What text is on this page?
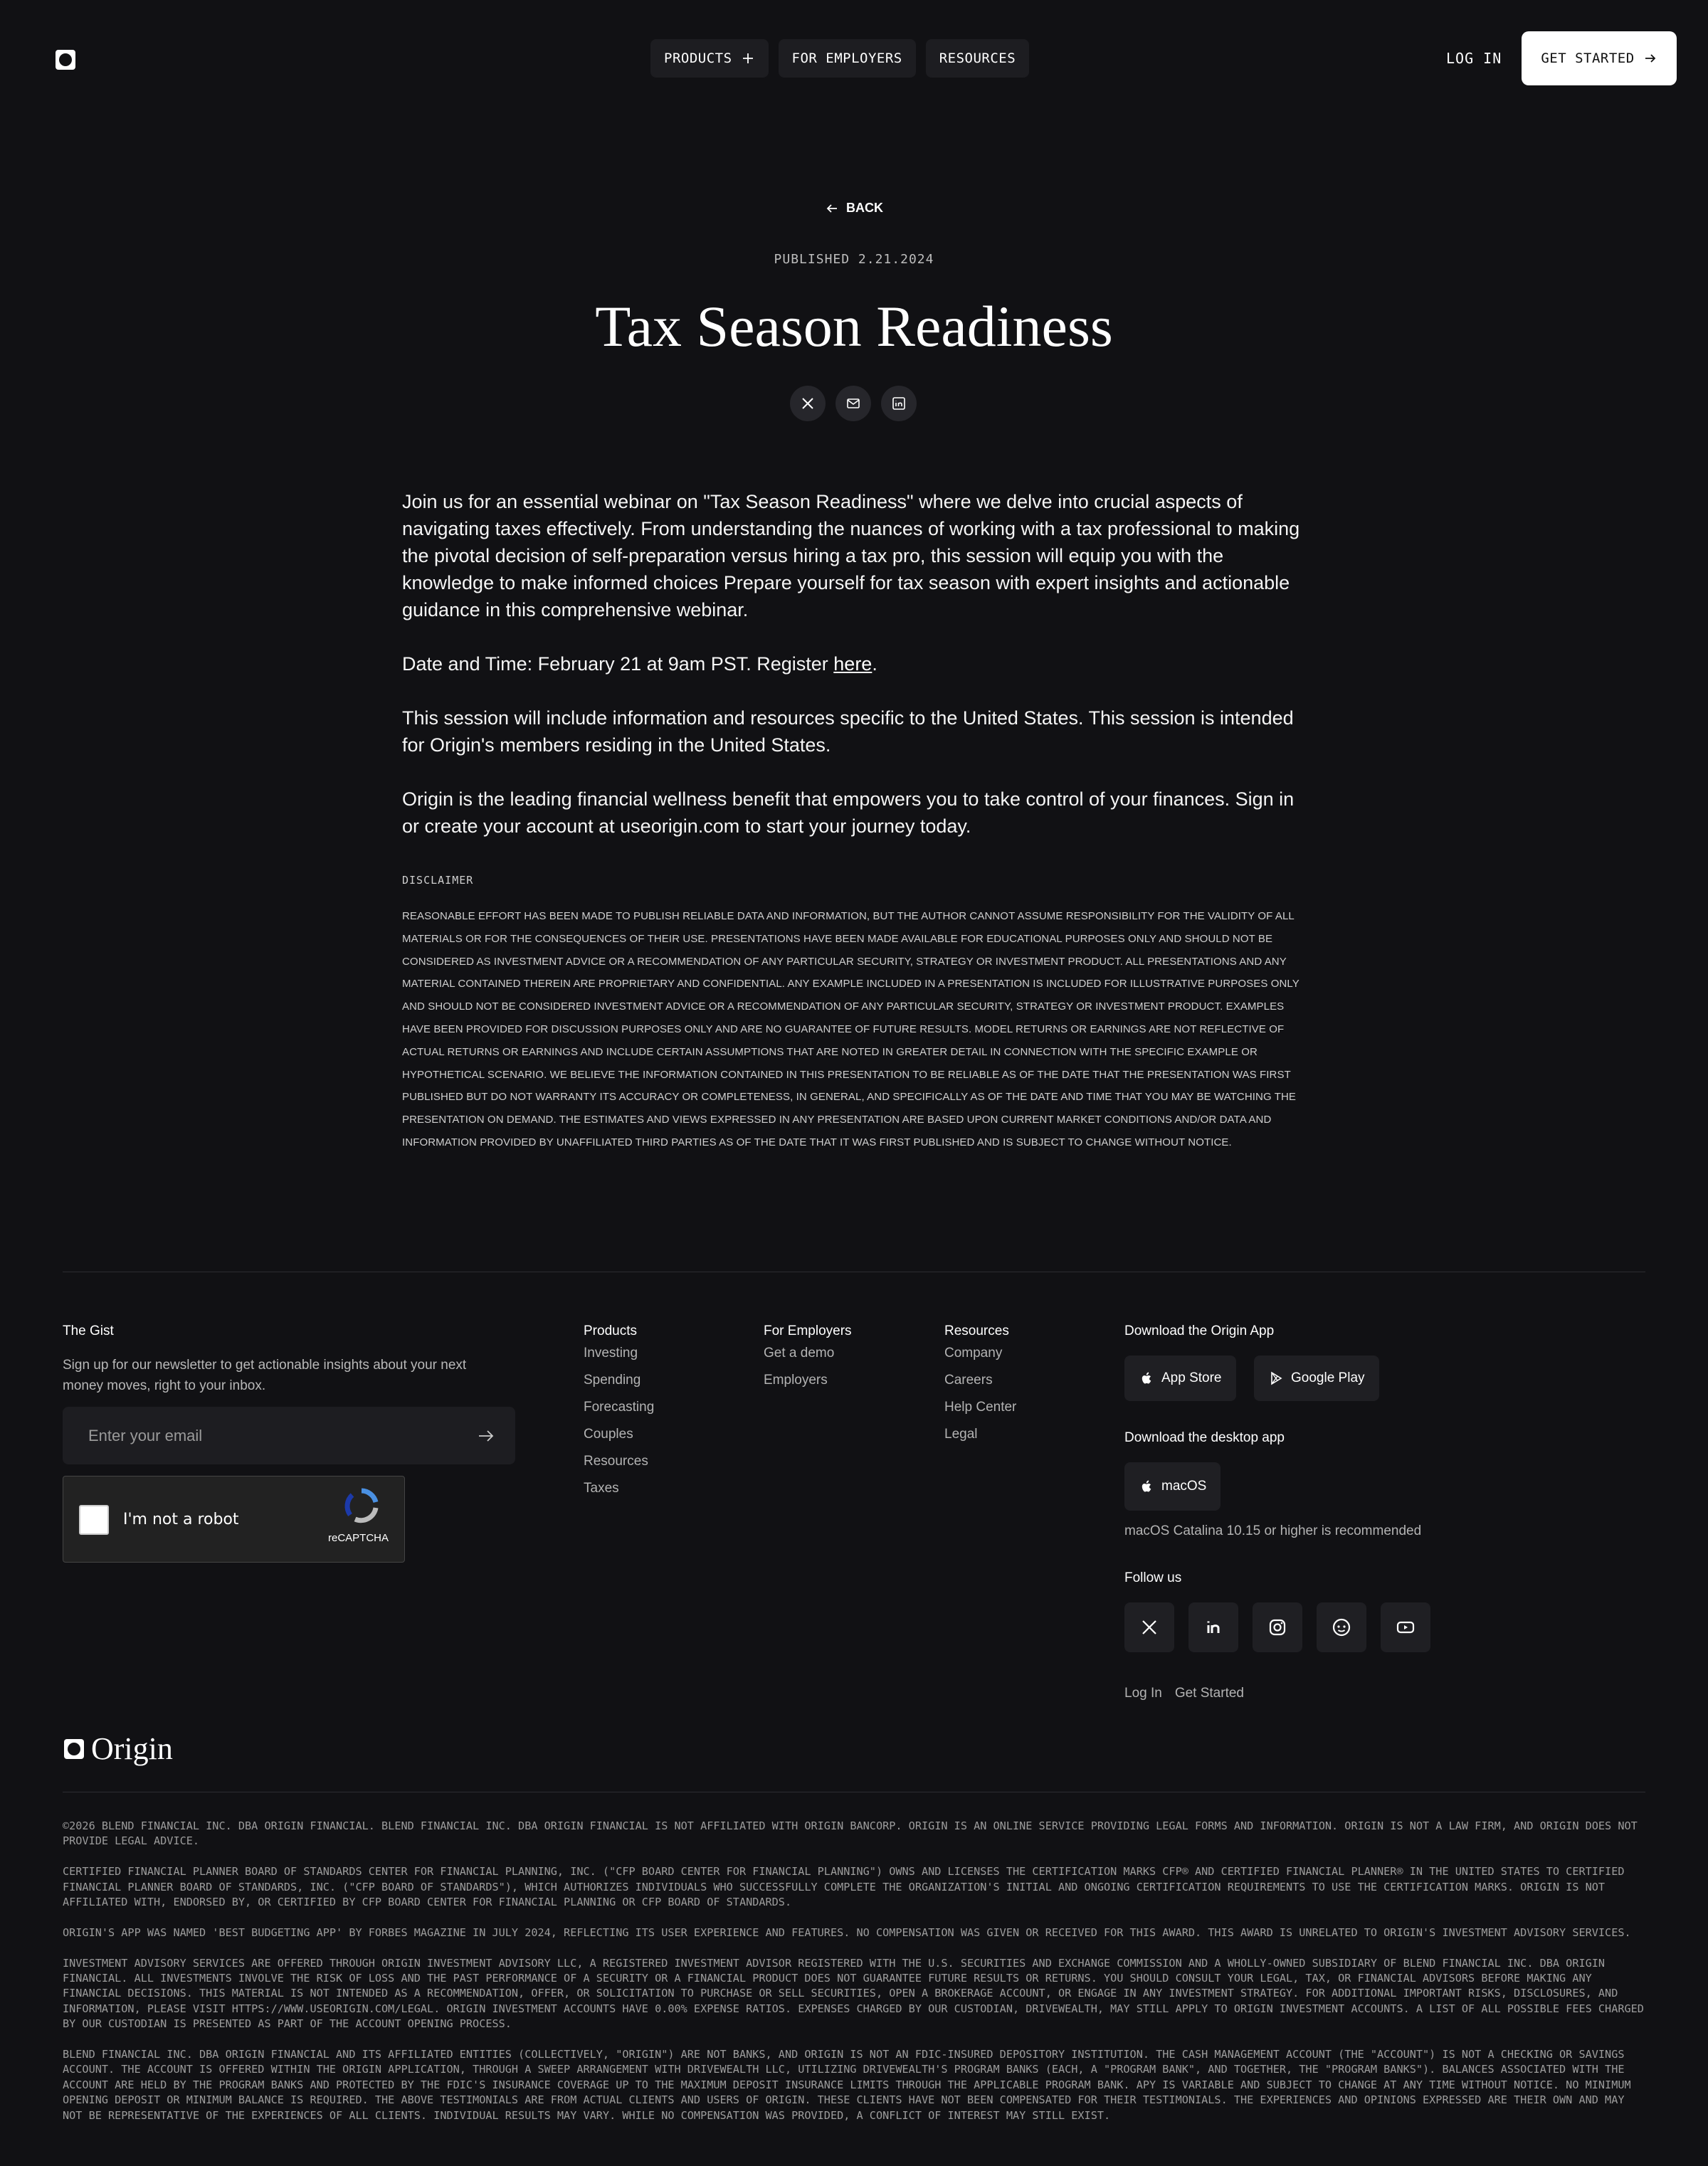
PRODUCTS	FOR EMPLOYERS	RESOURCES	LOG IN	GET STARTED
BACK
PUBLISHED 2.21.2024
Tax Season Readiness

Join us for an essential webinar on "Tax Season Readiness" where we delve into crucial aspects of navigating taxes effectively. From understanding the nuances of working with a tax professional to making the pivotal decision of self-preparation versus hiring a tax pro, this session will equip you with the knowledge to make informed choices Prepare yourself for tax season with expert insights and actionable guidance in this comprehensive webinar.

Date and Time: February 21 at 9am PST. Register here.

This session will include information and resources specific to the United States. This session is intended for Origin's members residing in the United States.

Origin is the leading financial wellness benefit that empowers you to take control of your finances. Sign in or create your account at useorigin.com to start your journey today.

DISCLAIMER
REASONABLE EFFORT HAS BEEN MADE TO PUBLISH RELIABLE DATA AND INFORMATION, BUT THE AUTHOR CANNOT ASSUME RESPONSIBILITY FOR THE VALIDITY OF ALL MATERIALS OR FOR THE CONSEQUENCES OF THEIR USE. PRESENTATIONS HAVE BEEN MADE AVAILABLE FOR EDUCATIONAL PURPOSES ONLY AND SHOULD NOT BE CONSIDERED AS INVESTMENT ADVICE OR A RECOMMENDATION OF ANY PARTICULAR SECURITY, STRATEGY OR INVESTMENT PRODUCT. ALL PRESENTATIONS AND ANY MATERIAL CONTAINED THEREIN ARE PROPRIETARY AND CONFIDENTIAL. ANY EXAMPLE INCLUDED IN A PRESENTATION IS INCLUDED FOR ILLUSTRATIVE PURPOSES ONLY AND SHOULD NOT BE CONSIDERED INVESTMENT ADVICE OR A RECOMMENDATION OF ANY PARTICULAR SECURITY, STRATEGY OR INVESTMENT PRODUCT. EXAMPLES HAVE BEEN PROVIDED FOR DISCUSSION PURPOSES ONLY AND ARE NO GUARANTEE OF FUTURE RESULTS. MODEL RETURNS OR EARNINGS ARE NOT REFLECTIVE OF ACTUAL RETURNS OR EARNINGS AND INCLUDE CERTAIN ASSUMPTIONS THAT ARE NOTED IN GREATER DETAIL IN CONNECTION WITH THE SPECIFIC EXAMPLE OR HYPOTHETICAL SCENARIO. WE BELIEVE THE INFORMATION CONTAINED IN THIS PRESENTATION TO BE RELIABLE AS OF THE DATE THAT THE PRESENTATION WAS FIRST PUBLISHED BUT DO NOT WARRANTY ITS ACCURACY OR COMPLETENESS, IN GENERAL, AND SPECIFICALLY AS OF THE DATE AND TIME THAT YOU MAY BE WATCHING THE PRESENTATION ON DEMAND. THE ESTIMATES AND VIEWS EXPRESSED IN ANY PRESENTATION ARE BASED UPON CURRENT MARKET CONDITIONS AND/OR DATA AND INFORMATION PROVIDED BY UNAFFILIATED THIRD PARTIES AS OF THE DATE THAT IT WAS FIRST PUBLISHED AND IS SUBJECT TO CHANGE WITHOUT NOTICE.
The Gist
Sign up for our newsletter to get actionable insights about your next money moves, right to your inbox.
Enter your email
I'm not a robot
reCAPTCHA
Products
Investing
Spending
Forecasting
Couples
Resources
Taxes
For Employers
Get a demo
Employers
Resources
Company
Careers
Help Center
Legal
Download the Origin App
App Store	Google Play
Download the desktop app
macOS
macOS Catalina 10.15 or higher is recommended
Follow us
Log In Get Started
Origin

©2026 BLEND FINANCIAL INC. DBA ORIGIN FINANCIAL. BLEND FINANCIAL INC. DBA ORIGIN FINANCIAL IS NOT AFFILIATED WITH ORIGIN BANCORP. ORIGIN IS AN ONLINE SERVICE PROVIDING LEGAL FORMS AND INFORMATION. ORIGIN IS NOT A LAW FIRM, AND ORIGIN DOES NOT PROVIDE LEGAL ADVICE.

CERTIFIED FINANCIAL PLANNER BOARD OF STANDARDS CENTER FOR FINANCIAL PLANNING, INC. ("CFP BOARD CENTER FOR FINANCIAL PLANNING") OWNS AND LICENSES THE CERTIFICATION MARKS CFP® AND CERTIFIED FINANCIAL PLANNER® IN THE UNITED STATES TO CERTIFIED FINANCIAL PLANNER BOARD OF STANDARDS, INC. ("CFP BOARD OF STANDARDS"), WHICH AUTHORIZES INDIVIDUALS WHO SUCCESSFULLY COMPLETE THE ORGANIZATION'S INITIAL AND ONGOING CERTIFICATION REQUIREMENTS TO USE THE CERTIFICATION MARKS. ORIGIN IS NOT AFFILIATED WITH, ENDORSED BY, OR CERTIFIED BY CFP BOARD CENTER FOR FINANCIAL PLANNING OR CFP BOARD OF STANDARDS.

ORIGIN'S APP WAS NAMED 'BEST BUDGETING APP' BY FORBES MAGAZINE IN JULY 2024, REFLECTING ITS USER EXPERIENCE AND FEATURES. NO COMPENSATION WAS GIVEN OR RECEIVED FOR THIS AWARD. THIS AWARD IS UNRELATED TO ORIGIN'S INVESTMENT ADVISORY SERVICES.

INVESTMENT ADVISORY SERVICES ARE OFFERED THROUGH ORIGIN INVESTMENT ADVISORY LLC, A REGISTERED INVESTMENT ADVISOR REGISTERED WITH THE U.S. SECURITIES AND EXCHANGE COMMISSION AND A WHOLLY-OWNED SUBSIDIARY OF BLEND FINANCIAL INC. DBA ORIGIN FINANCIAL. ALL INVESTMENTS INVOLVE THE RISK OF LOSS AND THE PAST PERFORMANCE OF A SECURITY OR A FINANCIAL PRODUCT DOES NOT GUARANTEE FUTURE RESULTS OR RETURNS. YOU SHOULD CONSULT YOUR LEGAL, TAX, OR FINANCIAL ADVISORS BEFORE MAKING ANY FINANCIAL DECISIONS. THIS MATERIAL IS NOT INTENDED AS A RECOMMENDATION, OFFER, OR SOLICITATION TO PURCHASE OR SELL SECURITIES, OPEN A BROKERAGE ACCOUNT, OR ENGAGE IN ANY INVESTMENT STRATEGY. FOR ADDITIONAL IMPORTANT RISKS, DISCLOSURES, AND INFORMATION, PLEASE VISIT HTTPS://WWW.USEORIGIN.COM/LEGAL. ORIGIN INVESTMENT ACCOUNTS HAVE 0.00% EXPENSE RATIOS. EXPENSES CHARGED BY OUR CUSTODIAN, DRIVEWEALTH, MAY STILL APPLY TO ORIGIN INVESTMENT ACCOUNTS. A LIST OF ALL POSSIBLE FEES CHARGED BY OUR CUSTODIAN IS PRESENTED AS PART OF THE ACCOUNT OPENING PROCESS.

BLEND FINANCIAL INC. DBA ORIGIN FINANCIAL AND ITS AFFILIATED ENTITIES (COLLECTIVELY, "ORIGIN") ARE NOT BANKS, AND ORIGIN IS NOT AN FDIC-INSURED DEPOSITORY INSTITUTION. THE CASH MANAGEMENT ACCOUNT (THE "ACCOUNT") IS NOT A CHECKING OR SAVINGS ACCOUNT. THE ACCOUNT IS OFFERED WITHIN THE ORIGIN APPLICATION, THROUGH A SWEEP ARRANGEMENT WITH DRIVEWEALTH LLC, UTILIZING DRIVEWEALTH'S PROGRAM BANKS (EACH, A "PROGRAM BANK", AND TOGETHER, THE "PROGRAM BANKS"). BALANCES ASSOCIATED WITH THE ACCOUNT ARE HELD BY THE PROGRAM BANKS AND PROTECTED BY THE FDIC'S INSURANCE COVERAGE UP TO THE MAXIMUM DEPOSIT INSURANCE LIMITS THROUGH THE APPLICABLE PROGRAM BANK. APY IS VARIABLE AND SUBJECT TO CHANGE AT ANY TIME WITHOUT NOTICE. NO MINIMUM OPENING DEPOSIT OR MINIMUM BALANCE IS REQUIRED. THE ABOVE TESTIMONIALS ARE FROM ACTUAL CLIENTS AND USERS OF ORIGIN. THESE CLIENTS HAVE NOT BEEN COMPENSATED FOR THEIR TESTIMONIALS. THE EXPERIENCES AND OPINIONS EXPRESSED ARE THEIR OWN AND MAY NOT BE REPRESENTATIVE OF THE EXPERIENCES OF ALL CLIENTS. INDIVIDUAL RESULTS MAY VARY. WHILE NO COMPENSATION WAS PROVIDED, A CONFLICT OF INTEREST MAY STILL EXIST.
